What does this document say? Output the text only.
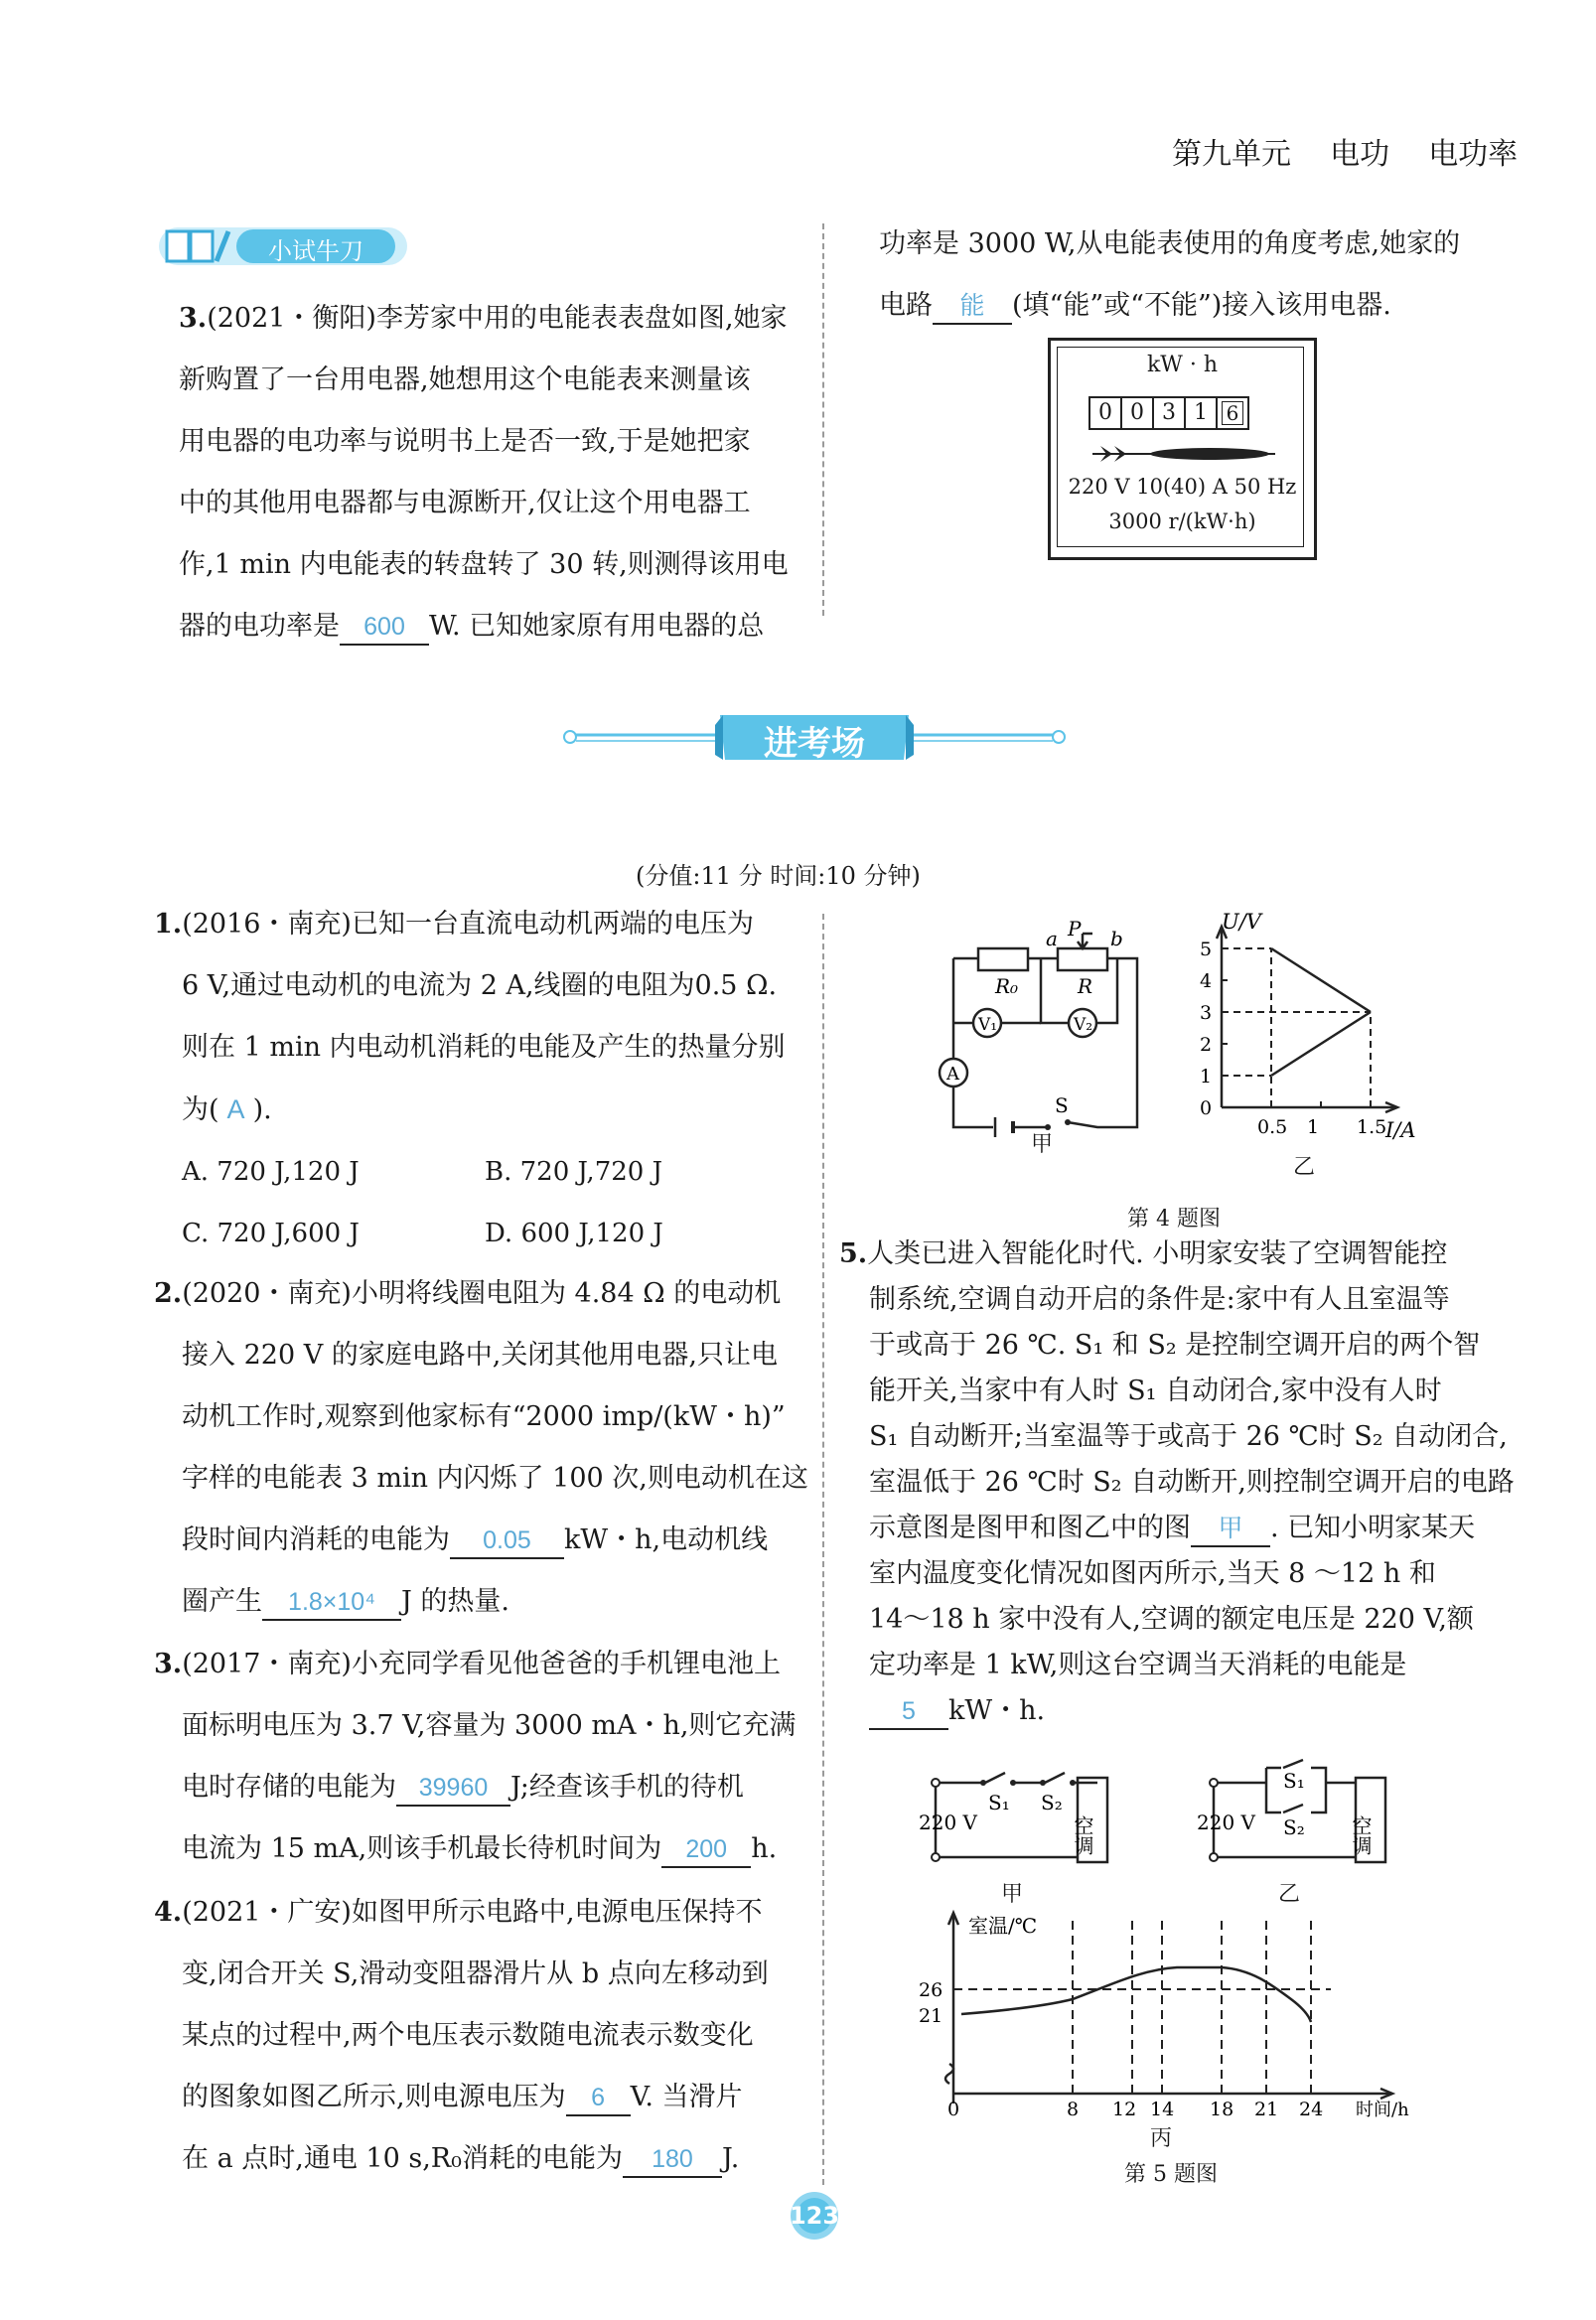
第九单元 电功 电功率
小试牛刀
3.(2021・衡阳)李芳家中用的电能表表盘如图,她家
新购置了一台用电器,她想用这个电能表来测量该
用电器的电功率与说明书上是否一致,于是她把家
中的其他用电器都与电源断开,仅让这个用电器工
作,1 min 内电能表的转盘转了 30 转,则测得该用电
器的电功率是 600 W. 已知她家原有用电器的总
功率是 3000 W,从电能表使用的角度考虑,她家的
电路 能 (填“能”或“不能”)接入该用电器.
kW · h
0 0 3 1 6
220 V 10(40) A 50 Hz
3000 r/(kW·h)
进考场
(分值:11 分 时间:10 分钟)
1.(2016・南充)已知一台直流电动机两端的电压为
6 V,通过电动机的电流为 2 A,线圈的电阻为0.5 Ω.
则在 1 min 内电动机消耗的电能及产生的热量分别
为( A ).
A. 720 J,120 J	B. 720 J,720 J
C. 720 J,600 J	D. 600 J,120 J
2.(2020・南充)小明将线圈电阻为 4.84 Ω 的电动机
接入 220 V 的家庭电路中,关闭其他用电器,只让电
动机工作时,观察到他家标有“2000 imp/(kW・h)”
字样的电能表 3 min 内闪烁了 100 次,则电动机在这
段时间内消耗的电能为 0.05 kW・h,电动机线
圈产生 1.8×10⁴ J 的热量.
3.(2017・南充)小充同学看见他爸爸的手机锂电池上
面标明电压为 3.7 V,容量为 3000 mA・h,则它充满
电时存储的电能为 39960 J;经查该手机的待机
电流为 15 mA,则该手机最长待机时间为 200 h.
4.(2021・广安)如图甲所示电路中,电源电压保持不
变,闭合开关 S,滑动变阻器滑片从 b 点向左移动到
某点的过程中,两个电压表示数随电流表示数变化
的图象如图乙所示,则电源电压为 6 V. 当滑片
在 a 点时,通电 10 s,R₀消耗的电能为 180 J.
R₀	R
a P b
V₁	V₂
A
S
甲
5
4
3
2
1
0
0.5 1 1.5
U/V
I/A
乙
第 4 题图
5.人类已进入智能化时代. 小明家安装了空调智能控
制系统,空调自动开启的条件是:家中有人且室温等
于或高于 26 ℃. S₁ 和 S₂ 是控制空调开启的两个智
能开关,当家中有人时 S₁ 自动闭合,家中没有人时
S₁ 自动断开;当室温等于或高于 26 ℃时 S₂ 自动闭合,
室温低于 26 ℃时 S₂ 自动断开,则控制空调开启的电路
示意图是图甲和图乙中的图 甲 . 已知小明家某天
室内温度变化情况如图丙所示,当天 8 ～12 h 和
14～18 h 家中没有人,空调的额定电压是 220 V,额
定功率是 1 kW,则这台空调当天消耗的电能是
5 kW・h.
220 V
S₁ S₂
空调
甲
220 V
S₁
S₂ 空调
乙
室温/℃
26
21
0	8 12 14 18 21 24 时间/h
丙
第 5 题图
123
